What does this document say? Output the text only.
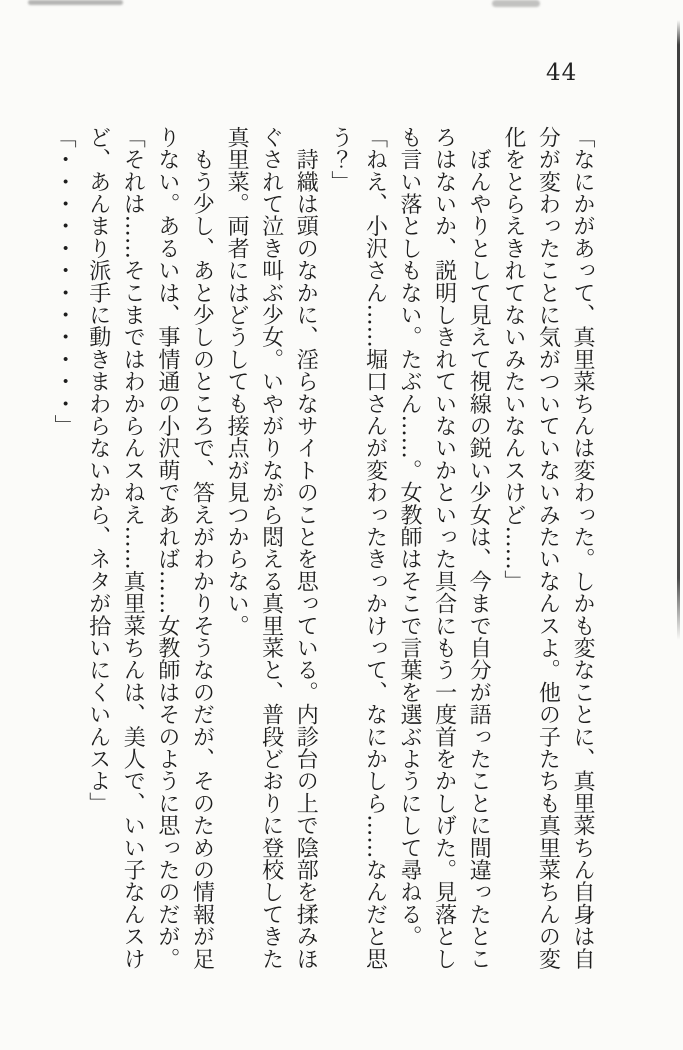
44

「なにかがあって、真里菜ちんは変わった。しかも変なことに、真里菜ちん自身は自

分が変わったことに気がついていないみたいなんスよ。他の子たちも真里菜ちんの変

化をとらえきれてないみたいなんスけど……」

　ぼんやりとして見えて視線の鋭い少女は、今まで自分が語ったことに間違ったとこ

ろはないか、説明しきれていないかといった具合にもう一度首をかしげた。見落とし

も言い落としもない。たぶん……。女教師はそこで言葉を選ぶようにして尋ねる。

「ねえ、小沢さん……堀口さんが変わったきっかけって、なにかしら……なんだと思

う？」

　詩織は頭のなかに、淫らなサイトのことを思っている。内診台の上で陰部を揉みほ

ぐされて泣き叫ぶ少女。いやがりながら悶える真里菜と、普段どおりに登校してきた

真里菜。両者にはどうしても接点が見つからない。

　もう少し、あと少しのところで、答えがわかりそうなのだが、そのための情報が足

りない。あるいは、事情通の小沢萌であれば……女教師はそのように思ったのだが。

「それは……そこまではわからんスねえ……真里菜ちんは、美人で、いい子なんスけ

ど、あんまり派手に動きまわらないから、ネタが拾いにくいんスよ」

「・・・・・・・・・・・・」
